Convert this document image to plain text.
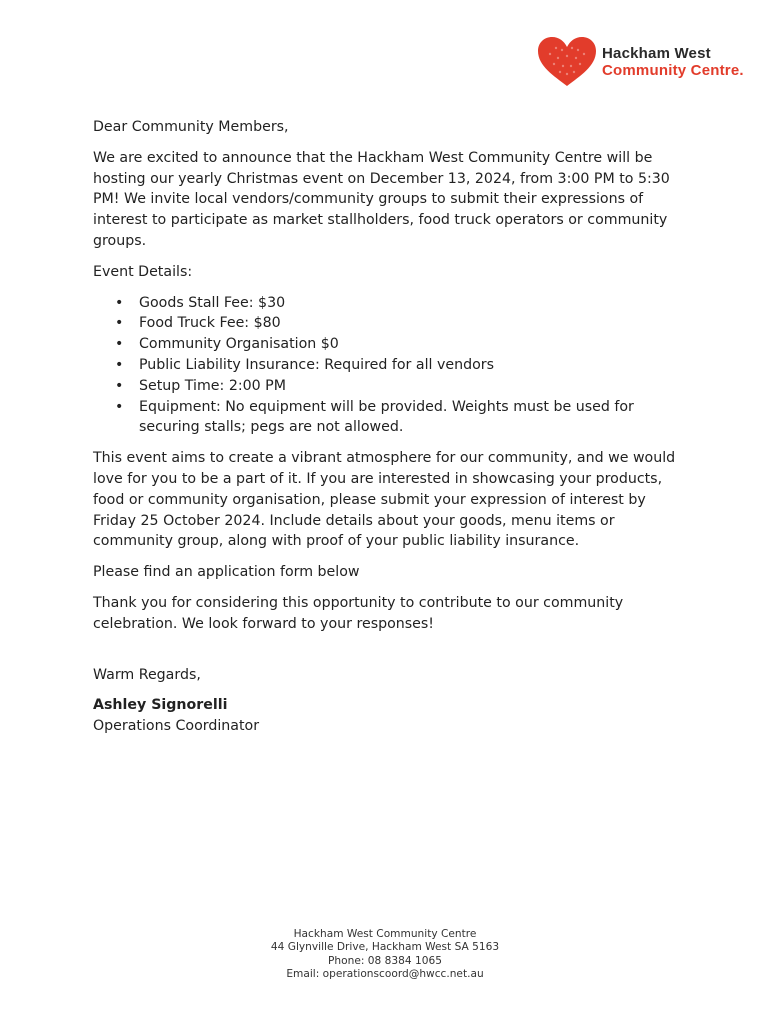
Hackham West
Community Centre.

Dear Community Members,

We are excited to announce that the Hackham West Community Centre will be hosting our yearly Christmas event on December 13, 2024, from 3:00 PM to 5:30 PM! We invite local vendors/community groups to submit their expressions of interest to participate as market stallholders, food truck operators or community groups.

Event Details:

• Goods Stall Fee: $30
• Food Truck Fee: $80
• Community Organisation $0
• Public Liability Insurance: Required for all vendors
• Setup Time: 2:00 PM
• Equipment: No equipment will be provided. Weights must be used for securing stalls; pegs are not allowed.

This event aims to create a vibrant atmosphere for our community, and we would love for you to be a part of it. If you are interested in showcasing your products, food or community organisation, please submit your expression of interest by Friday 25 October 2024. Include details about your goods, menu items or community group, along with proof of your public liability insurance.

Please find an application form below

Thank you for considering this opportunity to contribute to our community celebration. We look forward to your responses!

Warm Regards,

Ashley Signorelli

Operations Coordinator

Hackham West Community Centre
44 Glynville Drive, Hackham West SA 5163
Phone: 08 8384 1065
Email: operationscoord@hwcc.net.au
